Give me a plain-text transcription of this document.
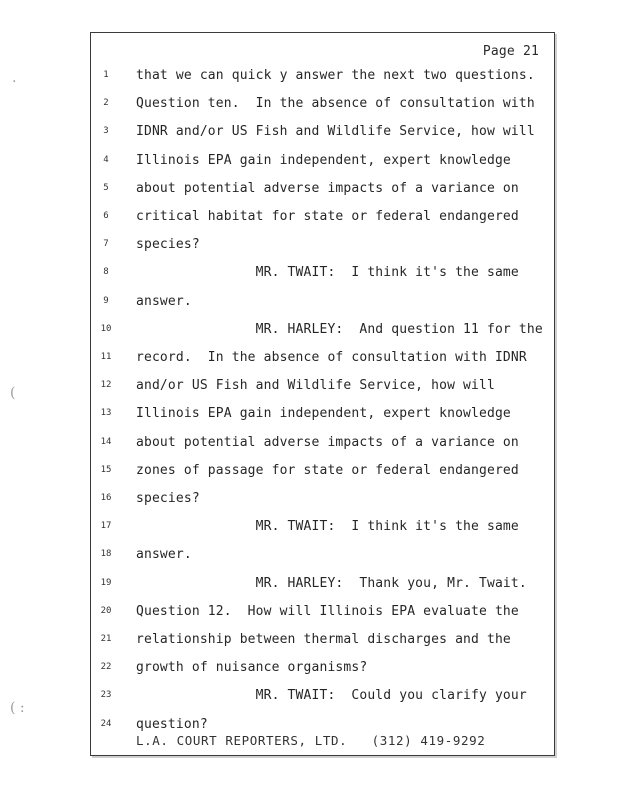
.
(
( :
Page 21
1	that we can quick y answer the next two questions.
2	Question ten.  In the absence of consultation with
3	IDNR and/or US Fish and Wildlife Service, how will
4	Illinois EPA gain independent, expert knowledge
5	about potential adverse impacts of a variance on
6	critical habitat for state or federal endangered
7	species?
8	MR. TWAIT:  I think it's the same
9	answer.
10 MR. HARLEY:  And question 11 for the
11 record.  In the absence of consultation with IDNR
12 and/or US Fish and Wildlife Service, how will
13 Illinois EPA gain independent, expert knowledge
14 about potential adverse impacts of a variance on
15 zones of passage for state or federal endangered
16 species?
17 MR. TWAIT:  I think it's the same
18 answer.
19 MR. HARLEY:  Thank you, Mr. Twait.
20 Question 12.  How will Illinois EPA evaluate the
21 relationship between thermal discharges and the
22 growth of nuisance organisms?
23 MR. TWAIT:  Could you clarify your
24 question?
L.A. COURT REPORTERS, LTD.   (312) 419-9292
